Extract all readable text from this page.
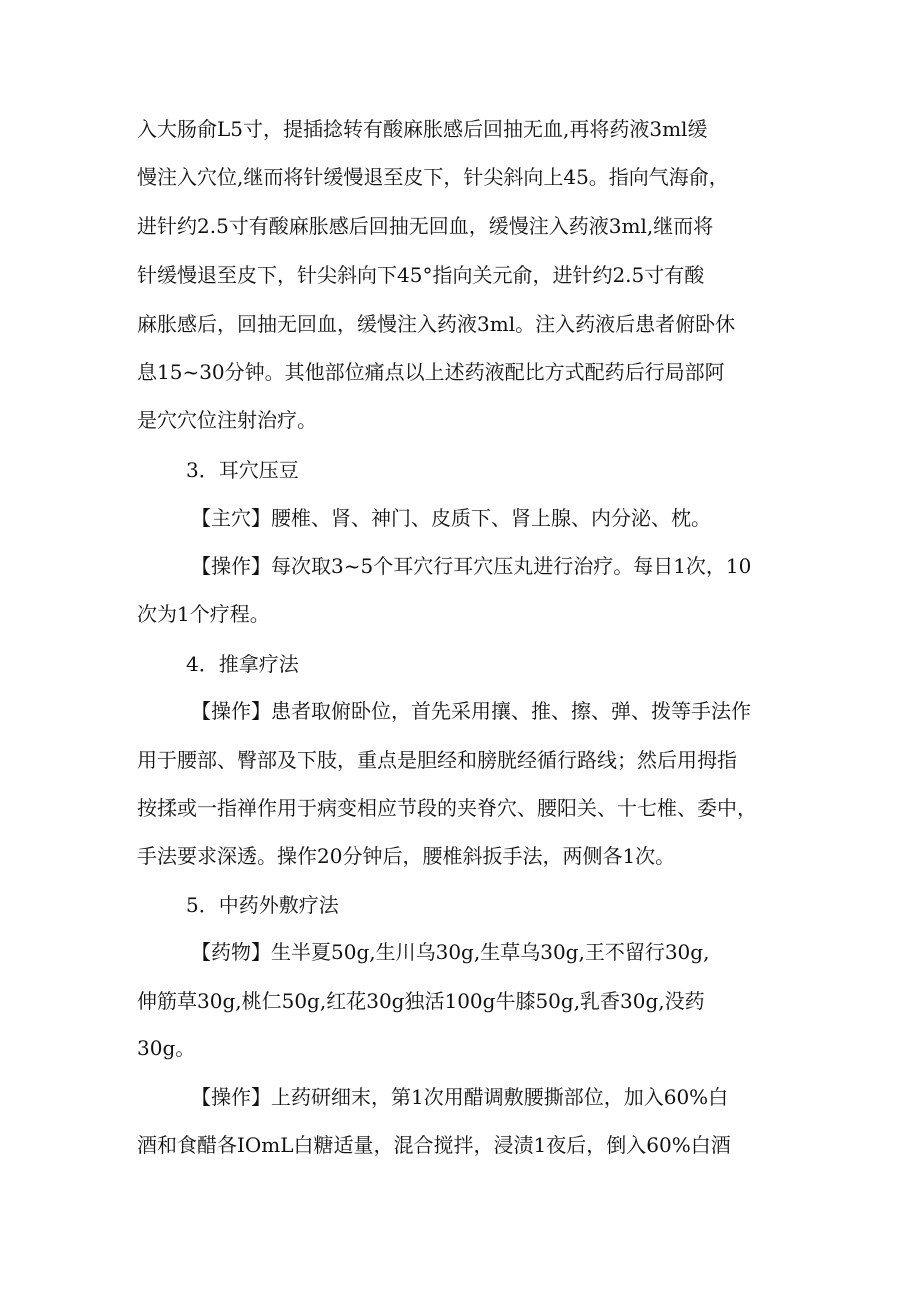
入大肠俞L5寸，提插捻转有酸麻胀感后回抽无血,再将药液3ml缓
慢注入穴位,继而将针缓慢退至皮下，针尖斜向上45。指向气海俞，
进针约2.5寸有酸麻胀感后回抽无回血，缓慢注入药液3ml,继而将
针缓慢退至皮下，针尖斜向下45°指向关元俞，进针约2.5寸有酸
麻胀感后，回抽无回血，缓慢注入药液3ml。注入药液后患者俯卧休
息15~30分钟。其他部位痛点以上述药液配比方式配药后行局部阿
是穴穴位注射治疗。
3．耳穴压豆
【主穴】腰椎、肾、神门、皮质下、肾上腺、内分泌、枕。
【操作】每次取3~5个耳穴行耳穴压丸进行治疗。每日1次，10
次为1个疗程。
4．推拿疗法
【操作】患者取俯卧位，首先采用攘、推、擦、弹、拨等手法作
用于腰部、臀部及下肢，重点是胆经和膀胱经循行路线；然后用拇指
按揉或一指禅作用于病变相应节段的夹脊穴、腰阳关、十七椎、委中，
手法要求深透。操作20分钟后，腰椎斜扳手法，两侧各1次。
5．中药外敷疗法
【药物】生半夏50g,生川乌30g,生草乌30g,王不留行30g,
伸筋草30g,桃仁50g,红花30g独活100g牛膝50g,乳香30g,没药
30g。
【操作】上药研细末，第1次用醋调敷腰撕部位，加入60%白
酒和食醋各IOmL白糖适量，混合搅拌，浸渍1夜后，倒入60%白酒
